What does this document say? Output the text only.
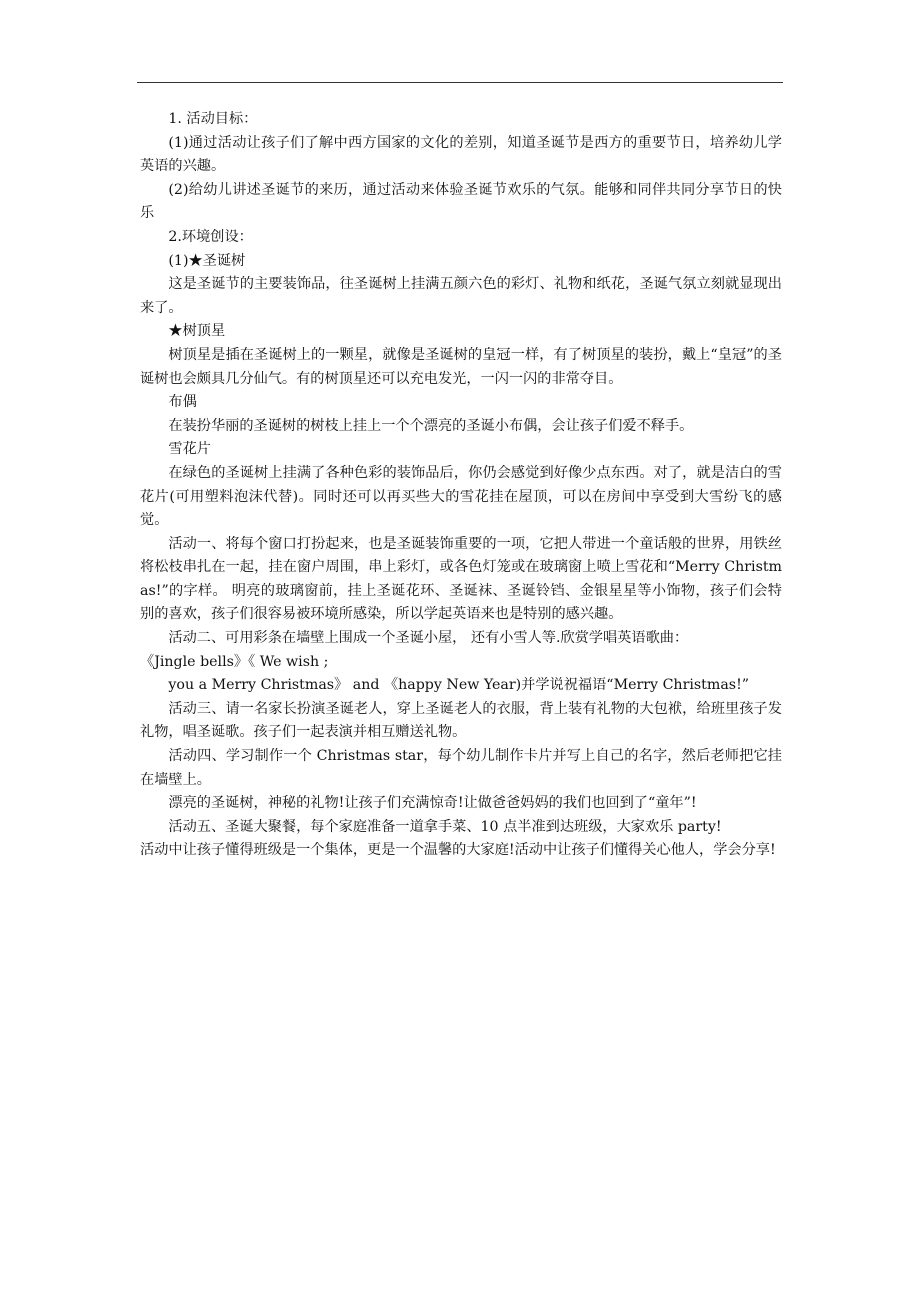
1. 活动目标：

(1)通过活动让孩子们了解中西方国家的文化的差别，知道圣诞节是西方的重要节日，培养幼儿学英语的兴趣。

(2)给幼儿讲述圣诞节的来历，通过活动来体验圣诞节欢乐的气氛。能够和同伴共同分享节日的快乐

2.环境创设：

(1)★圣诞树

这是圣诞节的主要装饰品，往圣诞树上挂满五颜六色的彩灯、礼物和纸花，圣诞气氛立刻就显现出来了。

★树顶星

树顶星是插在圣诞树上的一颗星，就像是圣诞树的皇冠一样，有了树顶星的装扮，戴上“皇冠”的圣诞树也会颇具几分仙气。有的树顶星还可以充电发光，一闪一闪的非常夺目。

布偶

在装扮华丽的圣诞树的树枝上挂上一个个漂亮的圣诞小布偶，会让孩子们爱不释手。

雪花片

在绿色的圣诞树上挂满了各种色彩的装饰品后，你仍会感觉到好像少点东西。对了，就是洁白的雪花片(可用塑料泡沫代替)。同时还可以再买些大的雪花挂在屋顶，可以在房间中享受到大雪纷飞的感觉。

活动一、将每个窗口打扮起来，也是圣诞装饰重要的一项，它把人带进一个童话般的世界，用铁丝将松枝串扎在一起，挂在窗户周围，串上彩灯，或各色灯笼或在玻璃窗上喷上雪花和“Merry Christmas!”的字样。 明亮的玻璃窗前，挂上圣诞花环、圣诞袜、圣诞铃铛、金银星星等小饰物，孩子们会特别的喜欢，孩子们很容易被环境所感染，所以学起英语来也是特别的感兴趣。

活动二、可用彩条在墙壁上围成一个圣诞小屋， 还有小雪人等.欣赏学唱英语歌曲：

《Jingle bells》《 We wish ;

you a Merry Christmas》 and 《happy New Year)并学说祝福语“Merry Christmas!”

活动三、请一名家长扮演圣诞老人，穿上圣诞老人的衣服，背上装有礼物的大包袱，给班里孩子发礼物，唱圣诞歌。孩子们一起表演并相互赠送礼物。

活动四、学习制作一个 Christmas star，每个幼儿制作卡片并写上自己的名字，然后老师把它挂在墙壁上。

漂亮的圣诞树，神秘的礼物!让孩子们充满惊奇!让做爸爸妈妈的我们也回到了“童年”!

活动五、圣诞大聚餐，每个家庭准备一道拿手菜、10 点半准到达班级，大家欢乐 party!

活动中让孩子懂得班级是一个集体，更是一个温馨的大家庭!活动中让孩子们懂得关心他人，学会分享!
